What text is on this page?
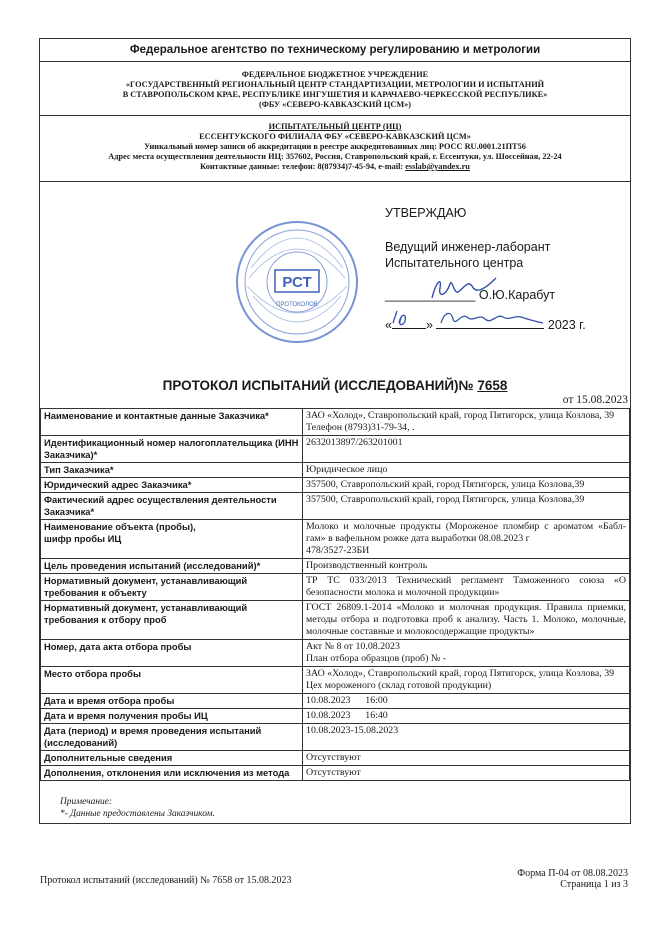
Федеральное агентство по техническому регулированию и метрологии
ФЕДЕРАЛЬНОЕ БЮДЖЕТНОЕ УЧРЕЖДЕНИЕ
«ГОСУДАРСТВЕННЫЙ РЕГИОНАЛЬНЫЙ ЦЕНТР СТАНДАРТИЗАЦИИ, МЕТРОЛОГИИ И ИСПЫТАНИЙ
В СТАВРОПОЛЬСКОМ КРАЕ, РЕСПУБЛИКЕ ИНГУШЕТИЯ И КАРАЧАЕВО-ЧЕРКЕССКОЙ РЕСПУБЛИКЕ»
(ФБУ «СЕВЕРО-КАВКАЗСКИЙ ЦСМ»)
ИСПЫТАТЕЛЬНЫЙ ЦЕНТР (ИЦ)
ЕССЕНТУКСКОГО ФИЛИАЛА ФБУ «СЕВЕРО-КАВКАЗСКИЙ ЦСМ»
Уникальный номер записи об аккредитации в реестре аккредитованных лиц: РОСС RU.0001.21ПТ56
Адрес места осуществления деятельности ИЦ: 357602, Россия, Ставропольский край, г. Ессентуки, ул. Шоссейная, 22-24
Контактные данные: телефон: 8(87934)7-45-94, e-mail: esslab@yandex.ru
РСТ
ПРОТОКОЛОВ
УТВЕРЖДАЮ
Ведущий инженер-лаборант
Испытательного центра
_____________ О.Ю.Карабут
«	»	2023 г.
ПРОТОКОЛ ИСПЫТАНИЙ (ИССЛЕДОВАНИЙ)№ 7658
от 15.08.2023
Наименование и контактные данные Заказчика*	ЗАО «Холод», Ставропольский край, город Пятигорск, улица Козлова, 39
Телефон (8793)31-79-34, .

Идентификационный номер налогоплательщика (ИНН Заказчика)*	2632013897/263201001
Тип Заказчика*	Юридическое лицо
Юридический адрес Заказчика*	357500, Ставропольский край, город Пятигорск, улица Козлова,39
Фактический адрес осуществления деятельности Заказчика*	357500, Ставропольский край, город Пятигорск, улица Козлова,39
Наименование объекта (пробы),
шифр пробы ИЦ	Молоко и молочные продукты (Мороженое пломбир с ароматом «Бабл-гам» в вафельном рожке дата выработки 08.08.2023 г
478/3527-23БИ
Цель проведения испытаний (исследований)*	Производственный контроль
Нормативный документ, устанавливающий требования к объекту	ТР ТС 033/2013 Технический регламент Таможенного союза «О безопасности молока и молочной продукции»
Нормативный документ, устанавливающий требования к отбору проб	ГОСТ 26809.1-2014 «Молоко и молочная продукция. Правила приемки, методы отбора и подготовка проб к анализу. Часть 1. Молоко, молочные, молочные составные и молокосодержащие продукты»
Номер, дата акта отбора пробы	Акт № 8 от 10.08.2023
План отбора образцов (проб) № -
Место отбора пробы	ЗАО «Холод», Ставропольский край, город Пятигорск, улица Козлова, 39 Цех мороженого (склад готовой продукции)
Дата и время отбора пробы	10.08.2023      16:00
Дата и время получения пробы ИЦ	10.08.2023      16:40
Дата (период) и время проведения испытаний (исследований)	10.08.2023-15.08.2023
Дополнительные сведения	Отсутствуют
Дополнения, отклонения или исключения из метода	Отсутствуют
Примечание:
*- Данные предоставлены Заказчиком.
Протокол испытаний (исследований) № 7658 от 15.08.2023
Форма П-04 от 08.08.2023
Страница 1 из 3
